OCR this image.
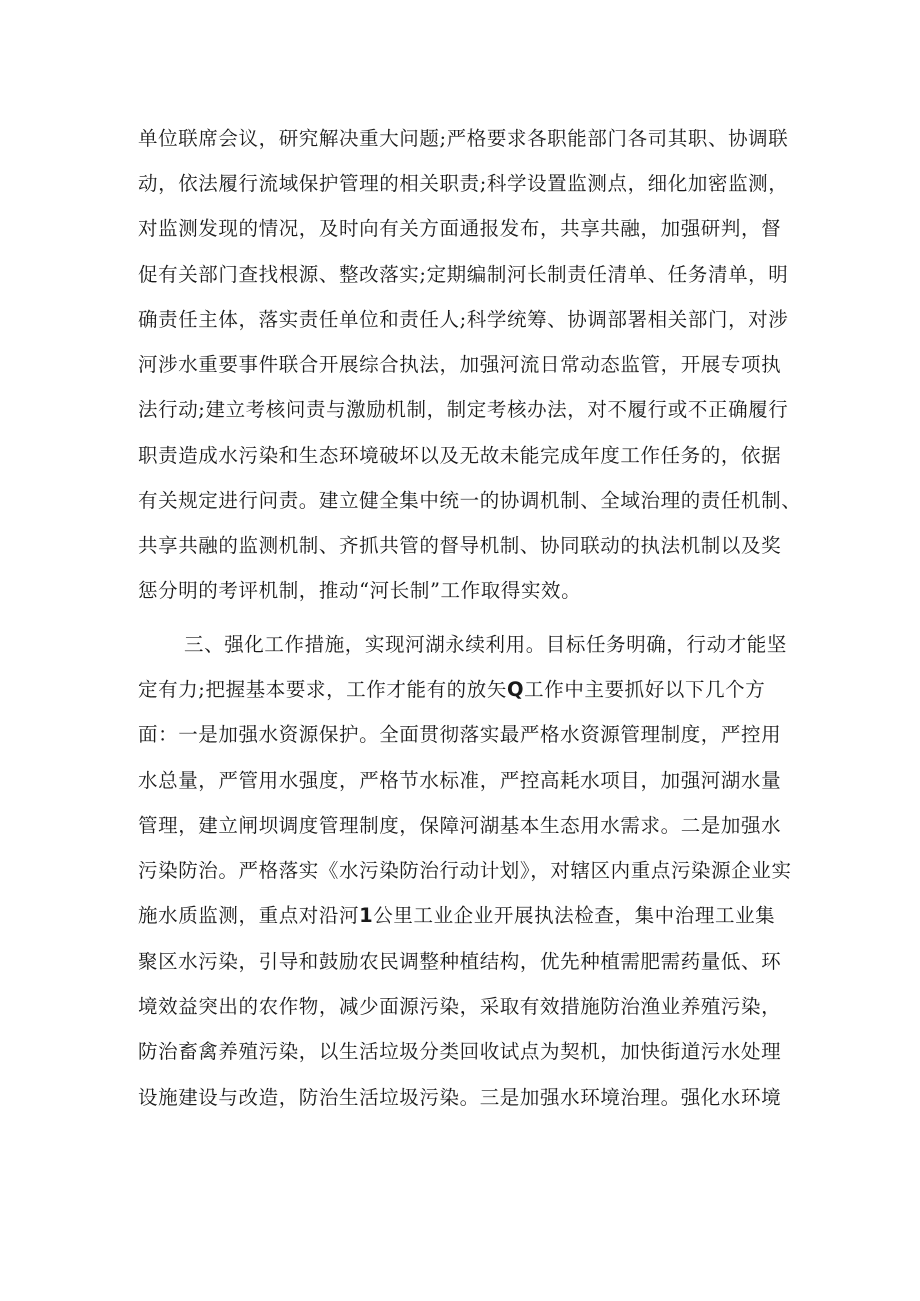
单位联席会议，研究解决重大问题;严格要求各职能部门各司其职、协调联
动，依法履行流域保护管理的相关职责;科学设置监测点，细化加密监测，
对监测发现的情况，及时向有关方面通报发布，共享共融，加强研判，督
促有关部门查找根源、整改落实;定期编制河长制责任清单、任务清单，明
确责任主体，落实责任单位和责任人;科学统筹、协调部署相关部门，对涉
河涉水重要事件联合开展综合执法，加强河流日常动态监管，开展专项执
法行动;建立考核问责与激励机制，制定考核办法，对不履行或不正确履行
职责造成水污染和生态环境破坏以及无故未能完成年度工作任务的，依据
有关规定进行问责。建立健全集中统一的协调机制、全域治理的责任机制、
共享共融的监测机制、齐抓共管的督导机制、协同联动的执法机制以及奖
惩分明的考评机制，推动“河长制”工作取得实效。
三、强化工作措施，实现河湖永续利用。目标任务明确，行动才能坚
定有力;把握基本要求，工作才能有的放矢Q工作中主要抓好以下几个方
面：一是加强水资源保护。全面贯彻落实最严格水资源管理制度，严控用
水总量，严管用水强度，严格节水标准，严控高耗水项目，加强河湖水量
管理，建立闸坝调度管理制度，保障河湖基本生态用水需求。二是加强水
污染防治。严格落实《水污染防治行动计划》，对辖区内重点污染源企业实
施水质监测，重点对沿河1公里工业企业开展执法检查，集中治理工业集
聚区水污染，引导和鼓励农民调整种植结构，优先种植需肥需药量低、环
境效益突出的农作物，减少面源污染，采取有效措施防治渔业养殖污染，
防治畜禽养殖污染，以生活垃圾分类回收试点为契机，加快街道污水处理
设施建设与改造，防治生活垃圾污染。三是加强水环境治理。强化水环境
